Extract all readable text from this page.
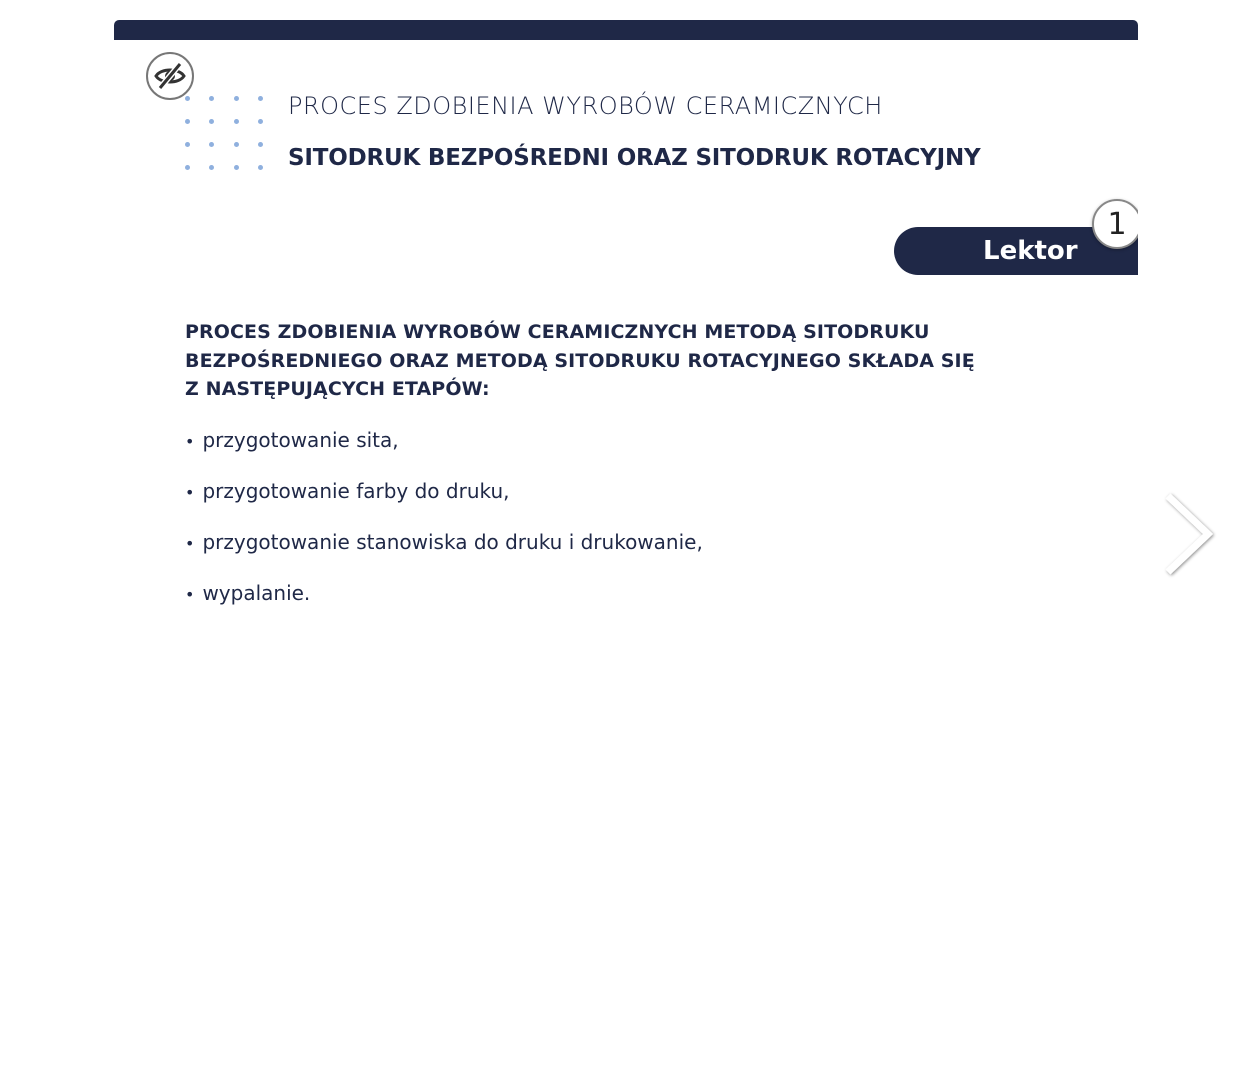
PROCES ZDOBIENIA WYROBÓW CERAMICZNYCH
SITODRUK BEZPOŚREDNI ORAZ SITODRUK ROTACYJNY
Lektor
1
PROCES ZDOBIENIA WYROBÓW CERAMICZNYCH METODĄ SITODRUKU BEZPOŚREDNIEGO ORAZ METODĄ SITODRUKU ROTACYJNEGO SKŁADA SIĘ Z NASTĘPUJĄCYCH ETAPÓW:
• przygotowanie sita,
• przygotowanie farby do druku,
• przygotowanie stanowiska do druku i drukowanie,
• wypalanie.
